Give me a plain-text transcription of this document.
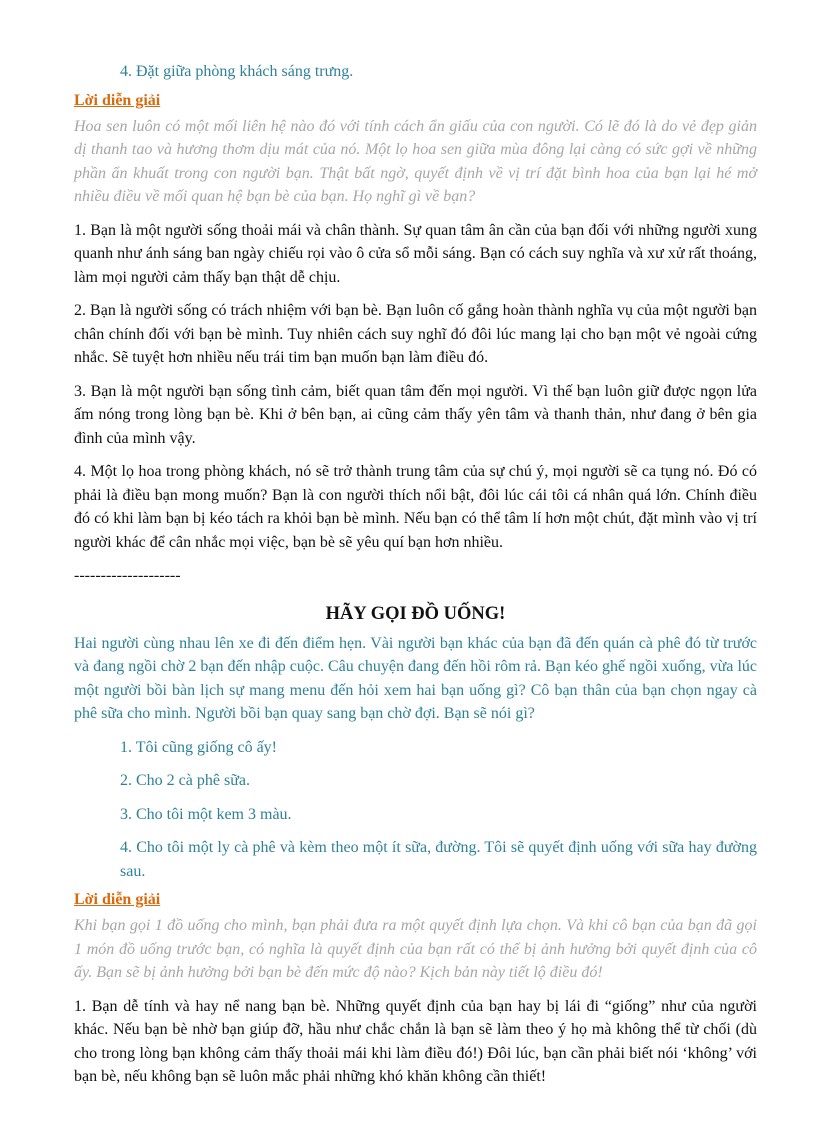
4. Đặt giữa phòng khách sáng trưng.

Lời diễn giải

Hoa sen luôn có một mối liên hệ nào đó với tính cách ẩn giấu của con người. Có lẽ đó là do vẻ đẹp giản dị thanh tao và hương thơm dịu mát của nó. Một lọ hoa sen giữa mùa đông lại càng có sức gợi về những phần ẩn khuất trong con người bạn. Thật bất ngờ, quyết định về vị trí đặt bình hoa của bạn lại hé mở nhiều điều về mối quan hệ bạn bè của bạn. Họ nghĩ gì về bạn?

1. Bạn là một người sống thoải mái và chân thành. Sự quan tâm ân cần của bạn đối với những người xung quanh như ánh sáng ban ngày chiếu rọi vào ô cửa sổ mỗi sáng. Bạn có cách suy nghĩa và xư xử rất thoáng, làm mọi người cảm thấy bạn thật dễ chịu.

2. Bạn là người sống có trách nhiệm với bạn bè. Bạn luôn cố gắng hoàn thành nghĩa vụ của một người bạn chân chính đối với bạn bè mình. Tuy nhiên cách suy nghĩ đó đôi lúc mang lại cho bạn một vẻ ngoài cứng nhắc. Sẽ tuyệt hơn nhiều nếu trái tim bạn muốn bạn làm điều đó.

3. Bạn là một người bạn sống tình cảm, biết quan tâm đến mọi người. Vì thế bạn luôn giữ được ngọn lửa ấm nóng trong lòng bạn bè. Khi ở bên bạn, ai cũng cảm thấy yên tâm và thanh thản, như đang ở bên gia đình của mình vậy.

4. Một lọ hoa trong phòng khách, nó sẽ trở thành trung tâm của sự chú ý, mọi người sẽ ca tụng nó. Đó có phải là điều bạn mong muốn? Bạn là con người thích nổi bật, đôi lúc cái tôi cá nhân quá lớn. Chính điều đó có khi làm bạn bị kéo tách ra khỏi bạn bè mình. Nếu bạn có thể tâm lí hơn một chút, đặt mình vào vị trí người khác để cân nhắc mọi việc, bạn bè sẽ yêu quí bạn hơn nhiều.

--------------------

HÃY GỌI ĐỒ UỐNG!

Hai người cùng nhau lên xe đi đến điểm hẹn. Vài người bạn khác của bạn đã đến quán cà phê đó từ trước và đang ngồi chờ 2 bạn đến nhập cuộc. Câu chuyện đang đến hồi rôm rả. Bạn kéo ghế ngồi xuống, vừa lúc một người bồi bàn lịch sự mang menu đến hỏi xem hai bạn uống gì? Cô bạn thân của bạn chọn ngay cà phê sữa cho mình. Người bồi bạn quay sang bạn chờ đợi. Bạn sẽ nói gì?

1. Tôi cũng giống cô ấy!

2. Cho 2 cà phê sữa.

3. Cho tôi một kem 3 màu.

4. Cho tôi một ly cà phê và kèm theo một ít sữa, đường. Tôi sẽ quyết định uống với sữa hay đường sau.

Lời diễn giải

Khi bạn gọi 1 đồ uống cho mình, bạn phải đưa ra một quyết định lựa chọn. Và khi cô bạn của bạn đã gọi 1 món đồ uống trước bạn, có nghĩa là quyết định của bạn rất có thể bị ảnh hưởng bởi quyết định của cô ấy. Bạn sẽ bị ảnh hưởng bởi bạn bè đến mức độ nào? Kịch bản này tiết lộ điều đó!

1. Bạn dễ tính và hay nể nang bạn bè. Những quyết định của bạn hay bị lái đi “giống” như của người khác. Nếu bạn bè nhờ bạn giúp đỡ, hầu như chắc chắn là bạn sẽ làm theo ý họ mà không thể từ chối (dù cho trong lòng bạn không cảm thấy thoải mái khi làm điều đó!) Đôi lúc, bạn cần phải biết nói ‘không’ với bạn bè, nếu không bạn sẽ luôn mắc phải những khó khăn không cần thiết!
